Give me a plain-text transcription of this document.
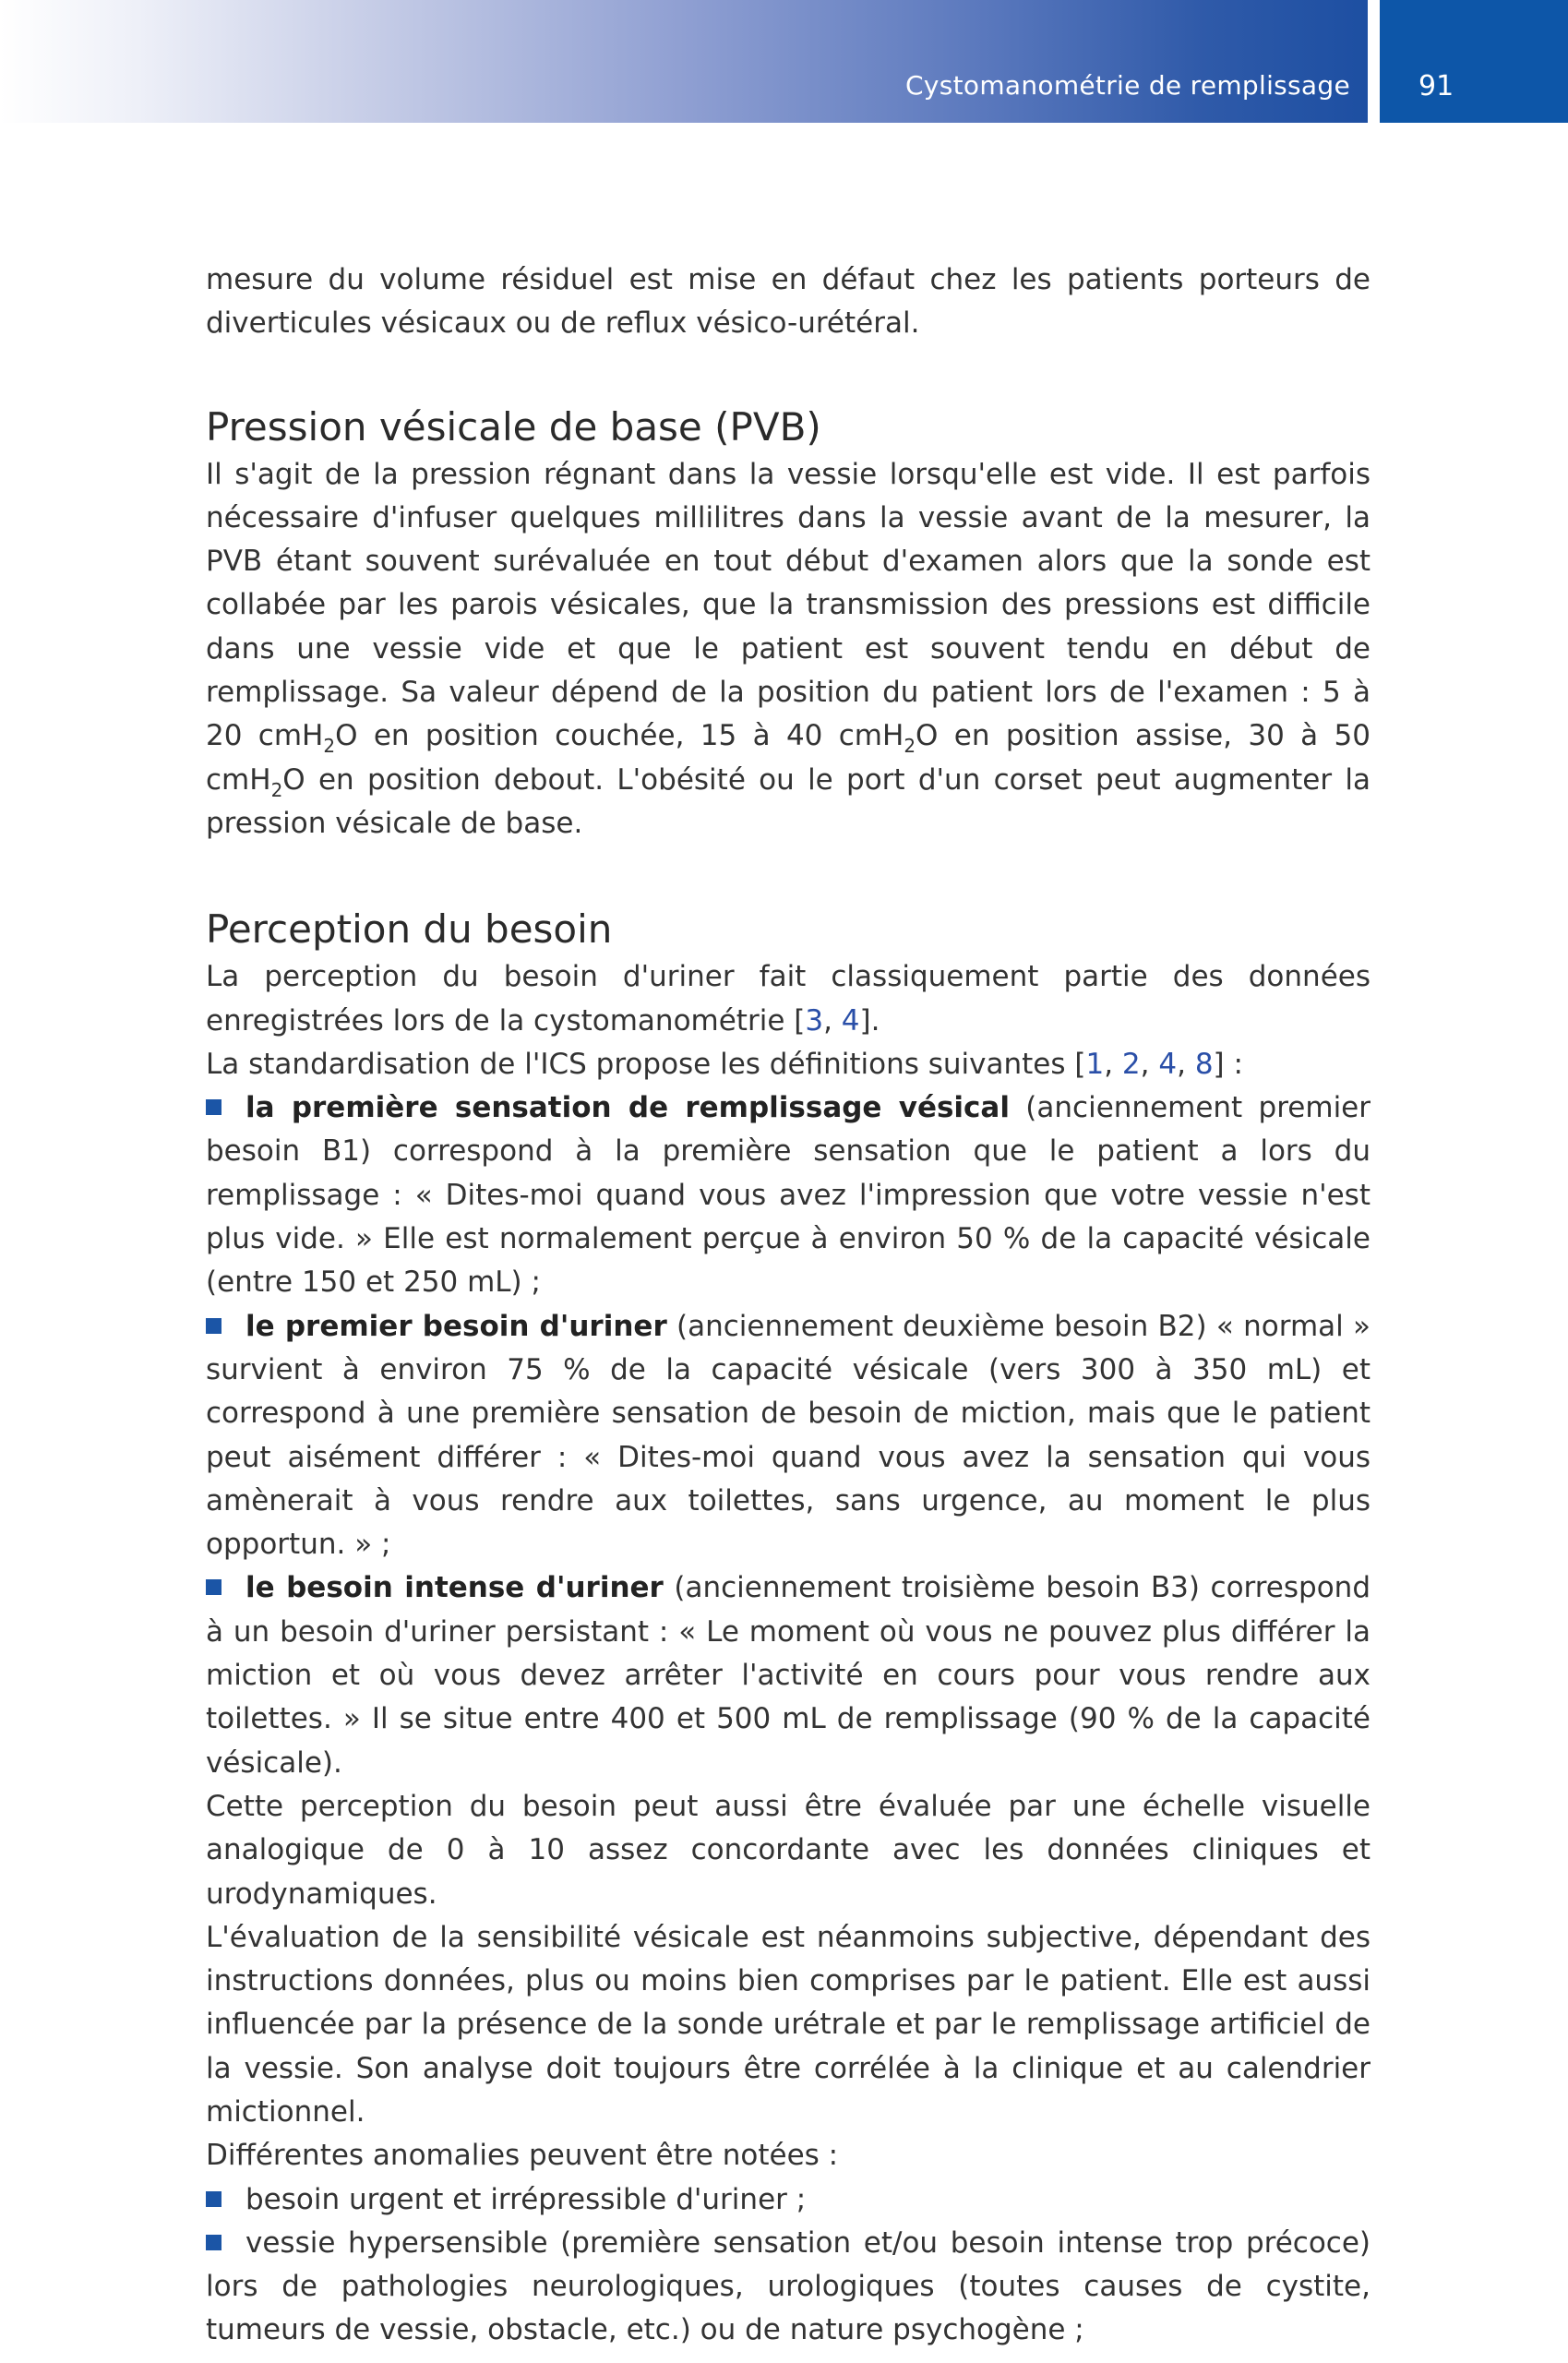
Cystomanométrie de remplissage 91

mesure du volume résiduel est mise en défaut chez les patients porteurs de diverticules vésicaux ou de reflux vésico-urétéral.

Pression vésicale de base (PVB)

Il s'agit de la pression régnant dans la vessie lorsqu'elle est vide. Il est parfois nécessaire d'infuser quelques millilitres dans la vessie avant de la mesurer, la PVB étant souvent surévaluée en tout début d'examen alors que la sonde est collabée par les parois vésicales, que la transmission des pressions est difficile dans une vessie vide et que le patient est souvent tendu en début de remplissage. Sa valeur dépend de la position du patient lors de l'examen : 5 à 20 cmH$_2$O en position couchée, 15 à 40 cmH$_2$O en position assise, 30 à 50 cmH$_2$O en position debout. L'obésité ou le port d'un corset peut augmenter la pression vésicale de base.

Perception du besoin

La perception du besoin d'uriner fait classiquement partie des données enregistrées lors de la cystomanométrie [3, 4].

La standardisation de l'ICS propose les définitions suivantes [1, 2, 4, 8] :

la première sensation de remplissage vésical (anciennement premier besoin B1) correspond à la première sensation que le patient a lors du remplissage : « Dites-moi quand vous avez l'impression que votre vessie n'est plus vide. » Elle est normalement perçue à environ 50 % de la capacité vésicale (entre 150 et 250 mL) ;

le premier besoin d'uriner (anciennement deuxième besoin B2) « normal » survient à environ 75 % de la capacité vésicale (vers 300 à 350 mL) et correspond à une première sensation de besoin de miction, mais que le patient peut aisément différer : « Dites-moi quand vous avez la sensation qui vous amènerait à vous rendre aux toilettes, sans urgence, au moment le plus opportun. » ;

le besoin intense d'uriner (anciennement troisième besoin B3) correspond à un besoin d'uriner persistant : « Le moment où vous ne pouvez plus différer la miction et où vous devez arrêter l'activité en cours pour vous rendre aux toilettes. » Il se situe entre 400 et 500 mL de remplissage (90 % de la capacité vésicale).

Cette perception du besoin peut aussi être évaluée par une échelle visuelle analogique de 0 à 10 assez concordante avec les données cliniques et urodynamiques.

L'évaluation de la sensibilité vésicale est néanmoins subjective, dépendant des instructions données, plus ou moins bien comprises par le patient. Elle est aussi influencée par la présence de la sonde urétrale et par le remplissage artificiel de la vessie. Son analyse doit toujours être corrélée à la clinique et au calendrier mictionnel.

Différentes anomalies peuvent être notées :

besoin urgent et irrépressible d'uriner ;

vessie hypersensible (première sensation et/ou besoin intense trop précoce) lors de pathologies neurologiques, urologiques (toutes causes de cystite, tumeurs de vessie, obstacle, etc.) ou de nature psychogène ;
